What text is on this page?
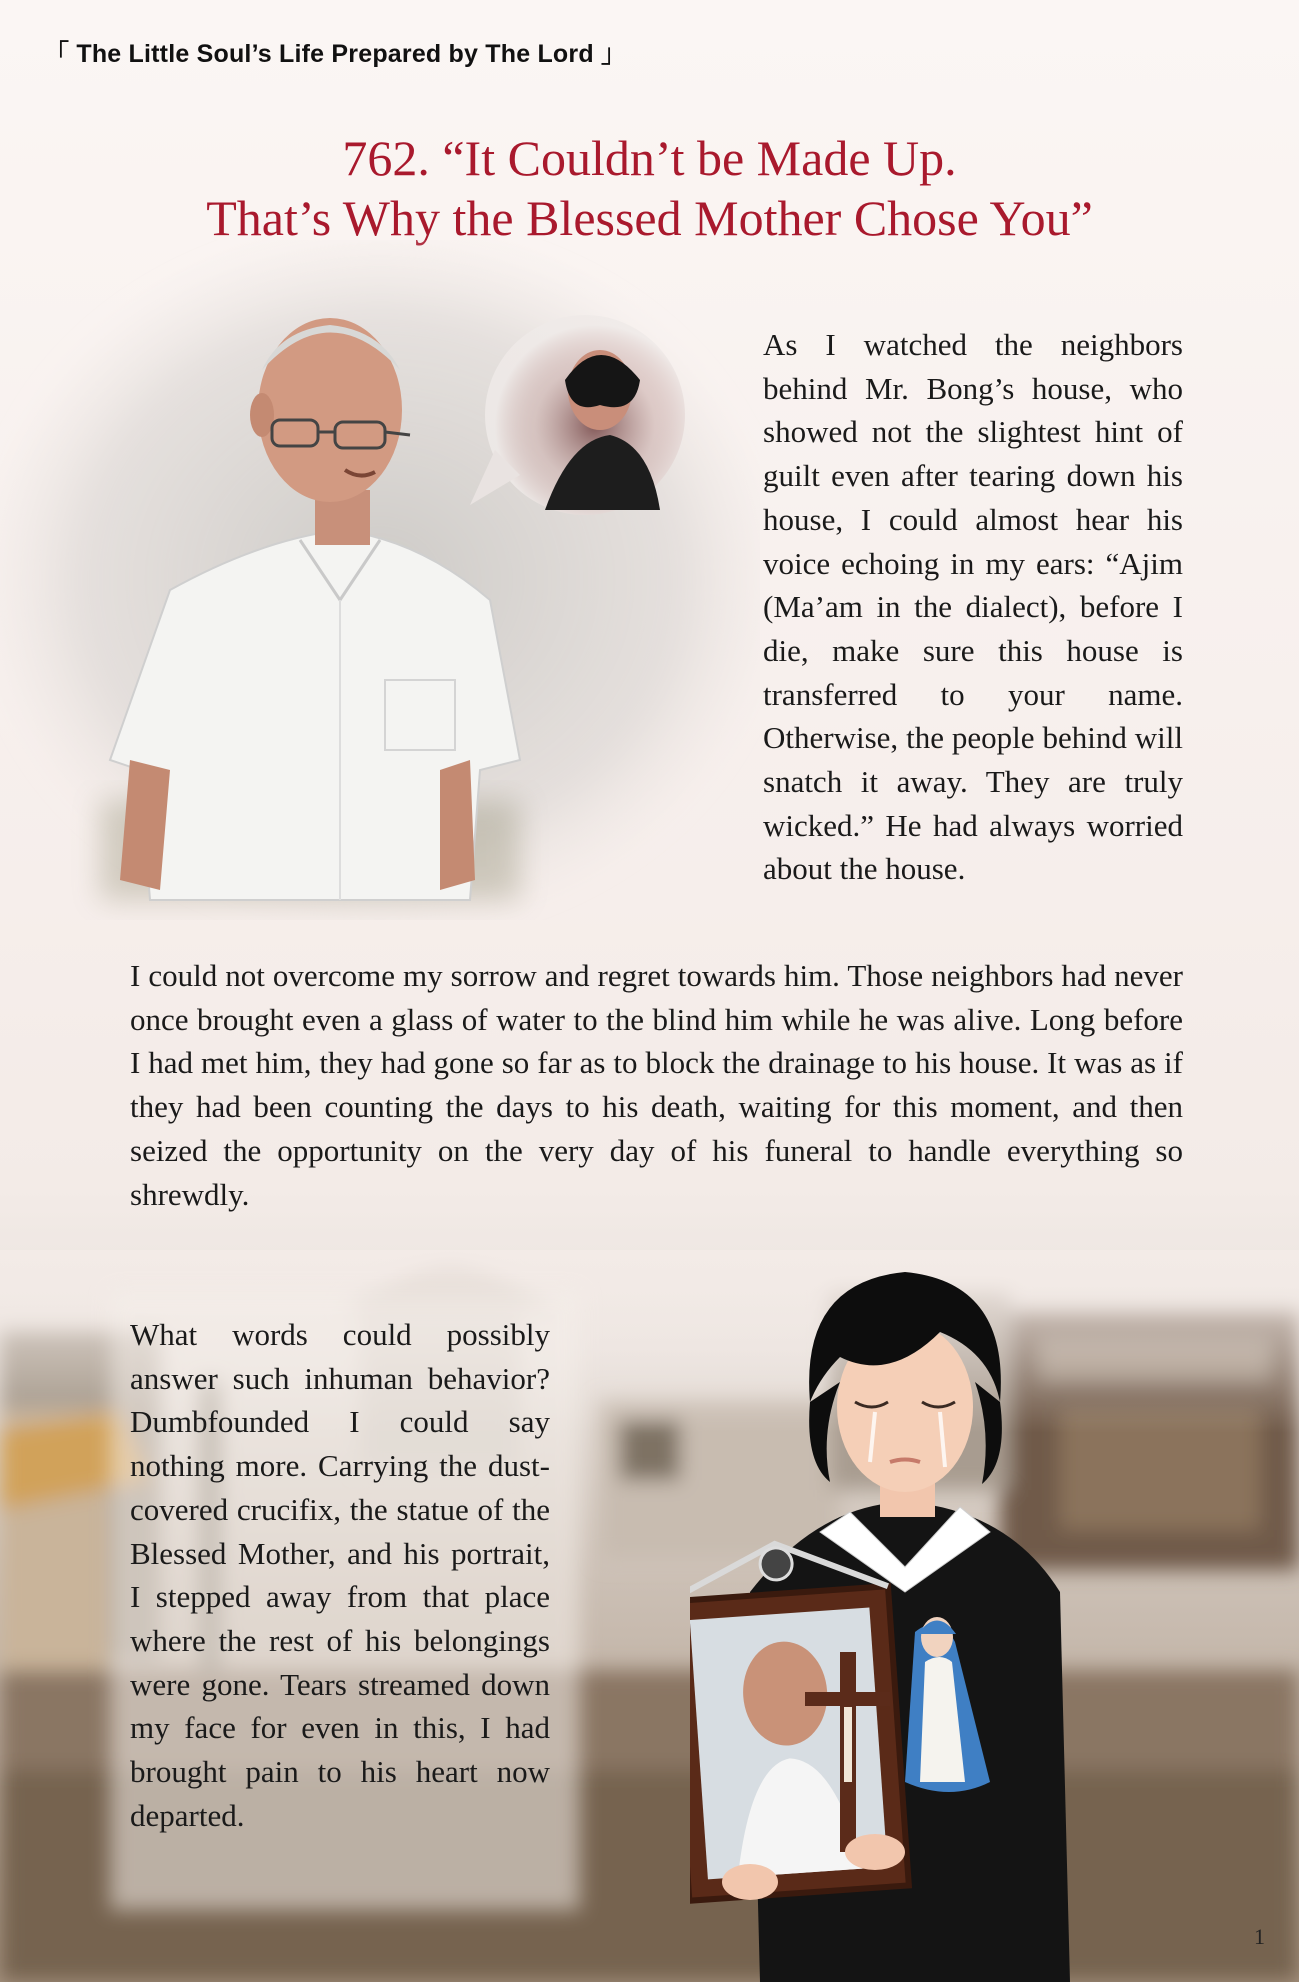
「 The Little Soul’s Life Prepared by The Lord 」
762. “It Couldn’t be Made Up.
That’s Why the Blessed Mother Chose You”

As I watched the neighbors behind Mr. Bong’s house, who showed not the slightest hint of guilt even after tearing down his house, I could almost hear his voice echoing in my ears: “Ajim (Ma’am in the dialect), before I die, make sure this house is transferred to your name. Otherwise, the people behind will snatch it away. They are truly wicked.” He had always worried about the house.

I could not overcome my sorrow and regret towards him. Those neighbors had never once brought even a glass of water to the blind him while he was alive. Long before I had met him, they had gone so far as to block the drainage to his house. It was as if they had been counting the days to his death, waiting for this moment, and then seized the opportunity on the very day of his funeral to handle everything so shrewdly.

What words could possibly answer such inhuman behavior? Dumbfounded I could say nothing more. Carrying the dust-covered crucifix, the statue of the Blessed Mother, and his portrait, I stepped away from that place where the rest of his belongings were gone. Tears streamed down my face for even in this, I had brought pain to his heart now departed.

1
